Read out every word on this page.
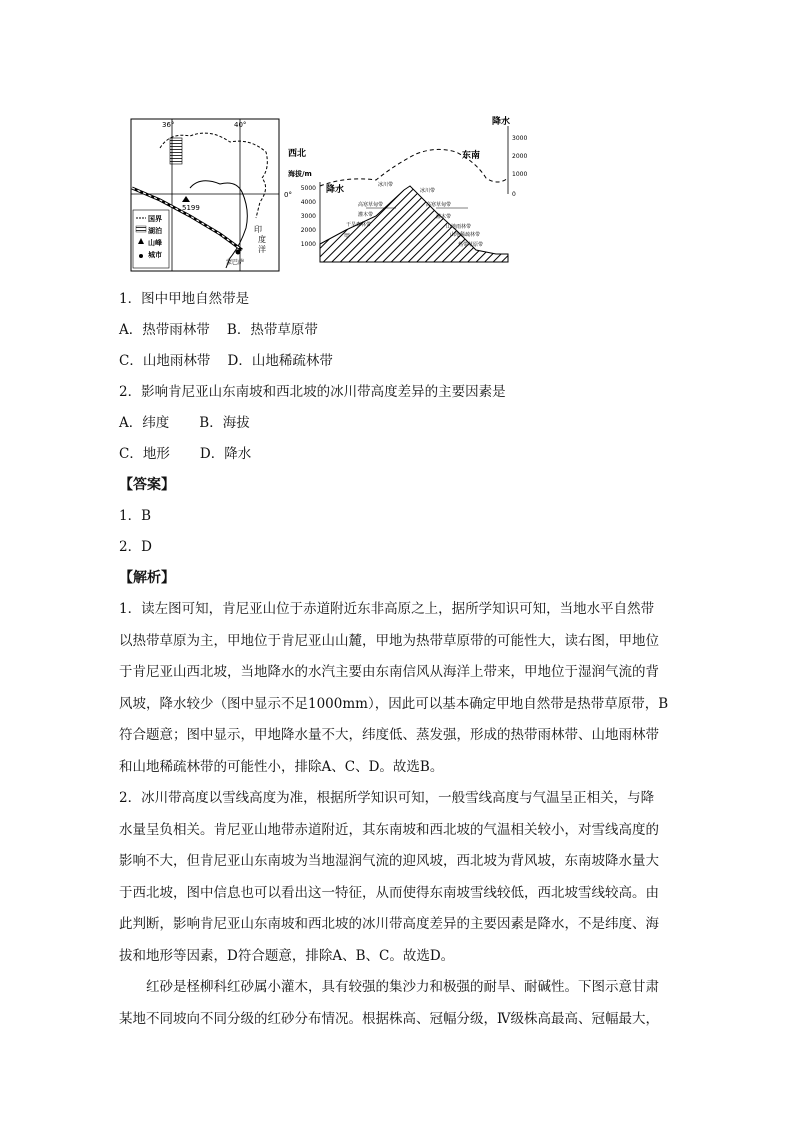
36°	40°
0°
5199
印
度
洋
蒙巴萨
国界
湖泊
山峰
城市
降水
3000
2000
1000
0
西北	东南
海拔/m
5000
4000
3000
2000
1000
降水
甲
冰川带
高寒草甸带
灌木带
干旱森林带
冰川带
高寒草甸带
灌木带
山地雨林带
山地稀疏林带
热带草原带
1．图中甲地自然带是
A．热带雨林带    B．热带草原带
C．山地雨林带    D．山地稀疏林带
2．影响肯尼亚山东南坡和西北坡的冰川带高度差异的主要因素是
A．纬度       B．海拔
C．地形       D．降水
【答案】
1．B
2．D
【解析】
1．读左图可知，肯尼亚山位于赤道附近东非高原之上，据所学知识可知，当地水平自然带
以热带草原为主，甲地位于肯尼亚山山麓，甲地为热带草原带的可能性大，读右图，甲地位
于肯尼亚山西北坡，当地降水的水汽主要由东南信风从海洋上带来，甲地位于湿润气流的背
风坡，降水较少（图中显示不足1000mm），因此可以基本确定甲地自然带是热带草原带，B
符合题意；图中显示，甲地降水量不大，纬度低、蒸发强，形成的热带雨林带、山地雨林带
和山地稀疏林带的可能性小，排除A、C、D。故选B。
2．冰川带高度以雪线高度为准，根据所学知识可知，一般雪线高度与气温呈正相关，与降
水量呈负相关。肯尼亚山地带赤道附近，其东南坡和西北坡的气温相关较小，对雪线高度的
影响不大，但肯尼亚山东南坡为当地湿润气流的迎风坡，西北坡为背风坡，东南坡降水量大
于西北坡，图中信息也可以看出这一特征，从而使得东南坡雪线较低，西北坡雪线较高。由
此判断，影响肯尼亚山东南坡和西北坡的冰川带高度差异的主要因素是降水，不是纬度、海
拔和地形等因素，D符合题意，排除A、B、C。故选D。
红砂是柽柳科红砂属小灌木，具有较强的集沙力和极强的耐旱、耐碱性。下图示意甘肃
某地不同坡向不同分级的红砂分布情况。根据株高、冠幅分级，Ⅳ级株高最高、冠幅最大，
